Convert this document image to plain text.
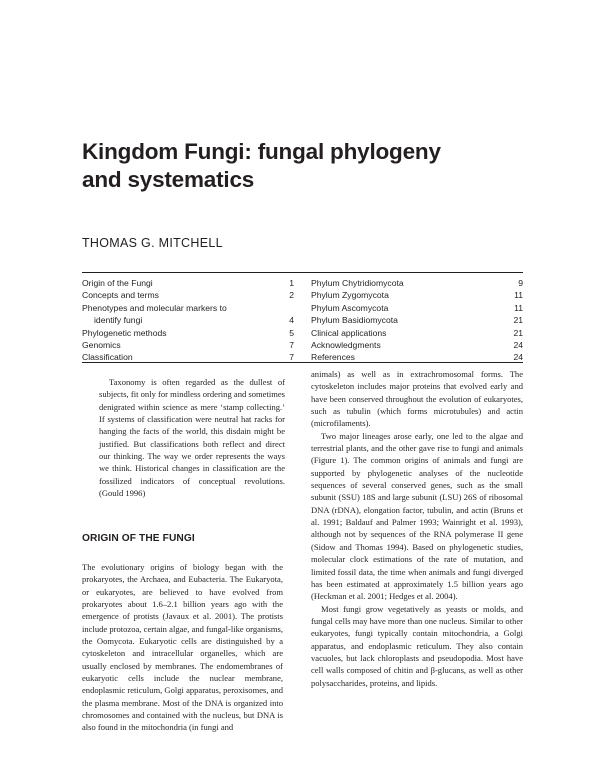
Kingdom Fungi: fungal phylogeny
and systematics
THOMAS G. MITCHELL
Origin of the Fungi	1
Concepts and terms	2
Phenotypes and molecular markers to
identify fungi	4
Phylogenetic methods	5
Genomics	7
Classification	7
Phylum Chytridiomycota	9
Phylum Zygomycota	11
Phylum Ascomycota	11
Phylum Basidiomycota	21
Clinical applications	21
Acknowledgments	24
References	24

Taxonomy is often regarded as the dullest of subjects, fit only for mindless ordering and sometimes denigrated within science as mere ‘stamp collecting.’ If systems of classification were neutral hat racks for hanging the facts of the world, this disdain might be justified. But classifications both reflect and direct our thinking. The way we order represents the ways we think. Historical changes in classification are the fossilized indicators of conceptual revolutions. (Gould 1996)

ORIGIN OF THE FUNGI

The evolutionary origins of biology began with the prokaryotes, the Archaea, and Eubacteria. The Eukaryota, or eukaryotes, are believed to have evolved from prokaryotes about 1.6–2.1 billion years ago with the emergence of protists (Javaux et al. 2001). The protists include protozoa, certain algae, and fungal-like organisms, the Oomycota. Eukaryotic cells are distinguished by a cytoskeleton and intracellular organelles, which are usually enclosed by membranes. The endomembranes of eukaryotic cells include the nuclear membrane, endoplasmic reticulum, Golgi apparatus, peroxisomes, and the plasma membrane. Most of the DNA is organized into chromosomes and contained with the nucleus, but DNA is also found in the mitochondria (in fungi and

animals) as well as in extrachromosomal forms. The cytoskeleton includes major proteins that evolved early and have been conserved throughout the evolution of eukaryotes, such as tubulin (which forms microtubules) and actin (microfilaments).

Two major lineages arose early, one led to the algae and terrestrial plants, and the other gave rise to fungi and animals (Figure 1). The common origins of animals and fungi are supported by phylogenetic analyses of the nucleotide sequences of several conserved genes, such as the small subunit (SSU) 18S and large subunit (LSU) 26S of ribosomal DNA (rDNA), elongation factor, tubulin, and actin (Bruns et al. 1991; Baldauf and Palmer 1993; Wainright et al. 1993), although not by sequences of the RNA polymerase II gene (Sidow and Thomas 1994). Based on phylogenetic studies, molecular clock estimations of the rate of mutation, and limited fossil data, the time when animals and fungi diverged has been estimated at approximately 1.5 billion years ago (Heckman et al. 2001; Hedges et al. 2004).

Most fungi grow vegetatively as yeasts or molds, and fungal cells may have more than one nucleus. Similar to other eukaryotes, fungi typically contain mitochondria, a Golgi apparatus, and endoplasmic reticulum. They also contain vacuoles, but lack chloroplasts and pseudopodia. Most have cell walls composed of chitin and β-glucans, as well as other polysaccharides, proteins, and lipids.
